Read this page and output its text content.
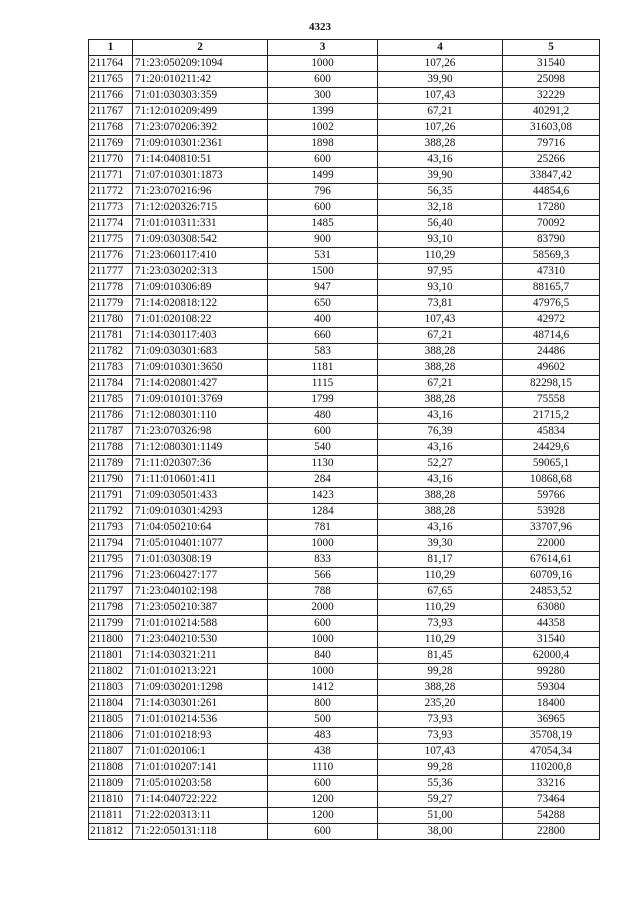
4323
1	2	3	4	5
211764	71:23:050209:1094	1000	107,26	31540
211765	71:20:010211:42	600	39,90	25098
211766	71:01:030303:359	300	107,43	32229
211767	71:12:010209:499	1399	67,21	40291,2
211768	71:23:070206:392	1002	107,26	31603,08
211769	71:09:010301:2361	1898	388,28	79716
211770	71:14:040810:51	600	43,16	25266
211771	71:07:010301:1873	1499	39,90	33847,42
211772	71:23:070216:96	796	56,35	44854,6
211773	71:12:020326:715	600	32,18	17280
211774	71:01:010311:331	1485	56,40	70092
211775	71:09:030308:542	900	93,10	83790
211776	71:23:060117:410	531	110,29	58569,3
211777	71:23:030202:313	1500	97,95	47310
211778	71:09:010306:89	947	93,10	88165,7
211779	71:14:020818:122	650	73,81	47976,5
211780	71:01:020108:22	400	107,43	42972
211781	71:14:030117:403	660	67,21	48714,6
211782	71:09:030301:683	583	388,28	24486
211783	71:09:010301:3650	1181	388,28	49602
211784	71:14:020801:427	1115	67,21	82298,15
211785	71:09:010101:3769	1799	388,28	75558
211786	71:12:080301:110	480	43,16	21715,2
211787	71:23:070326:98	600	76,39	45834
211788	71:12:080301:1149	540	43,16	24429,6
211789	71:11:020307:36	1130	52,27	59065,1
211790	71:11:010601:411	284	43,16	10868,68
211791	71:09:030501:433	1423	388,28	59766
211792	71:09:010301:4293	1284	388,28	53928
211793	71:04:050210:64	781	43,16	33707,96
211794	71:05:010401:1077	1000	39,30	22000
211795	71:01:030308:19	833	81,17	67614,61
211796	71:23:060427:177	566	110,29	60709,16
211797	71:23:040102:198	788	67,65	24853,52
211798	71:23:050210:387	2000	110,29	63080
211799	71:01:010214:588	600	73,93	44358
211800	71:23:040210:530	1000	110,29	31540
211801	71:14:030321:211	840	81,45	62000,4
211802	71:01:010213:221	1000	99,28	99280
211803	71:09:030201:1298	1412	388,28	59304
211804	71:14:030301:261	800	235,20	18400
211805	71:01:010214:536	500	73,93	36965
211806	71:01:010218:93	483	73,93	35708,19
211807	71:01:020106:1	438	107,43	47054,34
211808	71:01:010207:141	1110	99,28	110200,8
211809	71:05:010203:58	600	55,36	33216
211810	71:14:040722:222	1200	59,27	73464
211811	71:22:020313:11	1200	51,00	54288
211812	71:22:050131:118	600	38,00	22800
